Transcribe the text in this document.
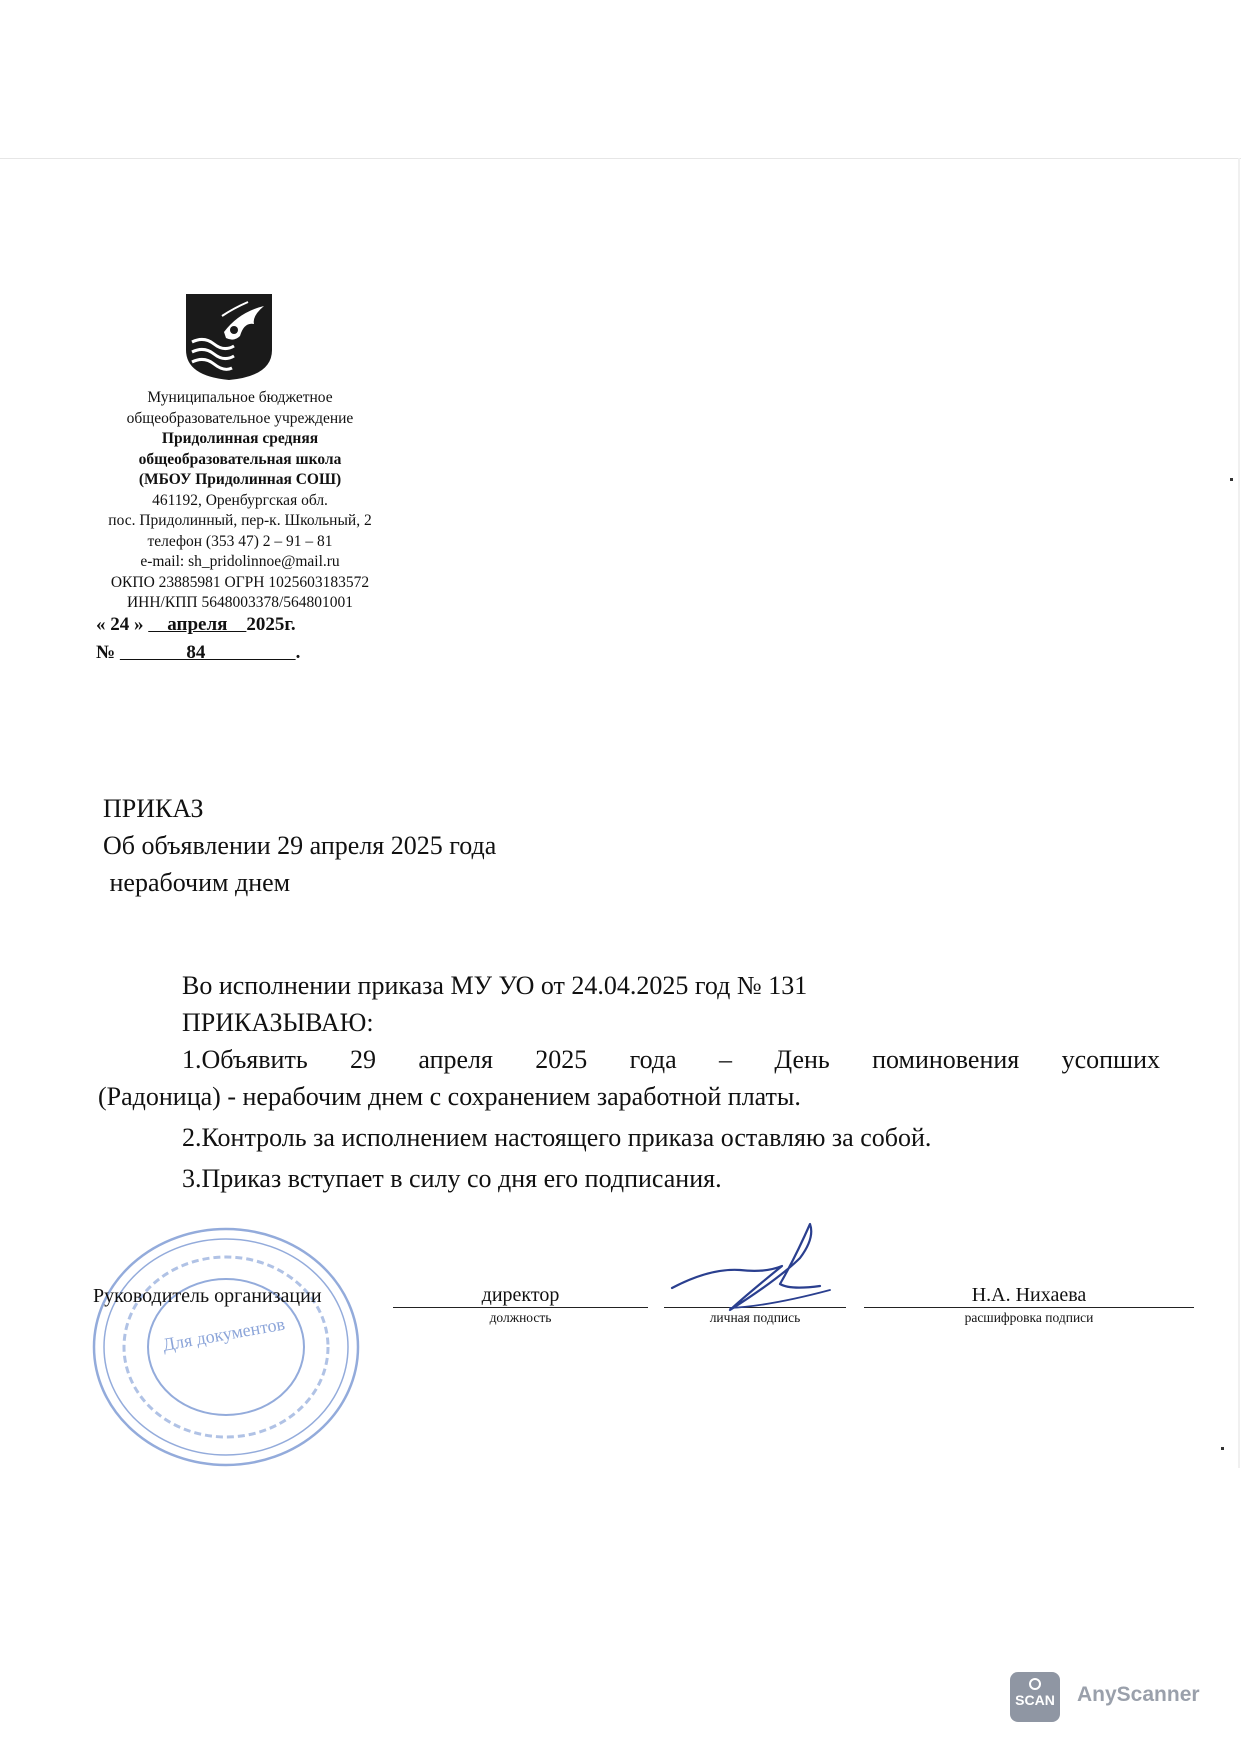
Муниципальное бюджетное
общеобразовательное учреждение
Придолинная средняя
общеобразовательная школа
(МБОУ Придолинная СОШ)
461192, Оренбургская обл.
пос. Придолинный, пер-к. Школьный, 2
телефон (353 47) 2 – 91 – 81
e-mail: sh_pridolinnoe@mail.ru
ОКПО 23885981 ОГРН 1025603183572
ИНН/КПП 5648003378/564801001
« 24 »     апреля    2025г.
№               84                   .
ПРИКАЗ
Об объявлении 29 апреля 2025 года
нерабочим днем

Во исполнении приказа МУ УО от 24.04.2025 год № 131

ПРИКАЗЫВАЮ:

1.Объявить 29 апреля 2025 года – День поминовения усопших

(Радоница) - нерабочим днем с сохранением заработной платы.

2.Контроль за исполнением настоящего приказа оставляю за собой.

3.Приказ вступает в силу со дня его подписания.

Для документов
Руководитель организации	директор
должность	личная подпись
Н.А. Нихаева
расшифровка подписи
SCAN AnyScanner
